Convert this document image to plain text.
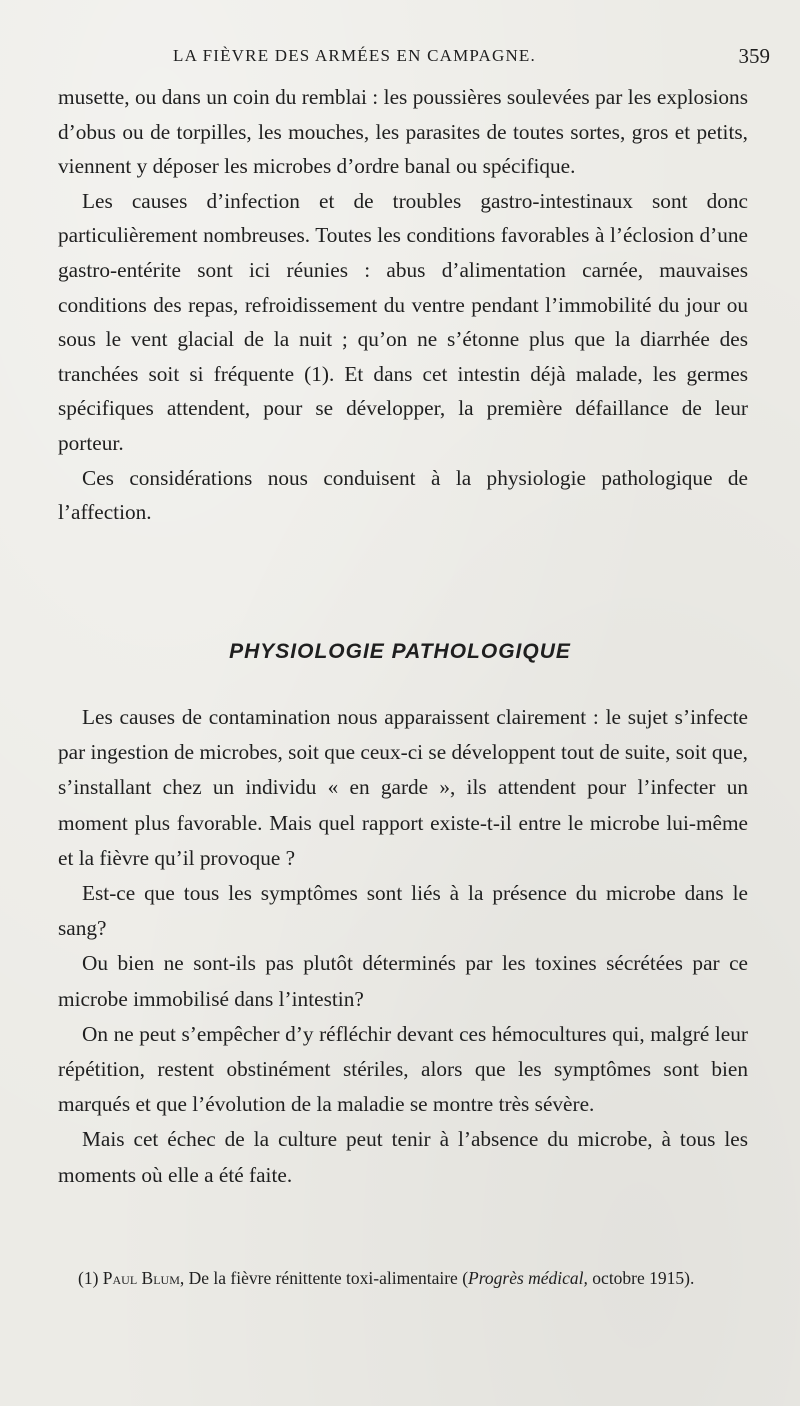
LA FIÈVRE DES ARMÉES EN CAMPAGNE.	359

musette, ou dans un coin du remblai : les poussières soulevées par les explosions d’obus ou de torpilles, les mouches, les parasites de toutes sortes, gros et petits, viennent y déposer les microbes d’ordre banal ou spécifique.

Les causes d’infection et de troubles gastro-intestinaux sont donc particulièrement nombreuses. Toutes les conditions favorables à l’éclosion d’une gastro-entérite sont ici réunies : abus d’alimentation carnée, mauvaises conditions des repas, refroidissement du ventre pendant l’immobilité du jour ou sous le vent glacial de la nuit ; qu’on ne s’étonne plus que la diarrhée des tranchées soit si fréquente (1). Et dans cet intestin déjà malade, les germes spécifiques attendent, pour se développer, la première défaillance de leur porteur.

Ces considérations nous conduisent à la physiologie pathologique de l’affection.

PHYSIOLOGIE PATHOLOGIQUE

Les causes de contamination nous apparaissent clairement : le sujet s’infecte par ingestion de microbes, soit que ceux-ci se développent tout de suite, soit que, s’installant chez un individu « en garde », ils attendent pour l’infecter un moment plus favorable. Mais quel rapport existe-t-il entre le microbe lui-même et la fièvre qu’il provoque ?

Est-ce que tous les symptômes sont liés à la présence du microbe dans le sang?

Ou bien ne sont-ils pas plutôt déterminés par les toxines sécrétées par ce microbe immobilisé dans l’intestin?

On ne peut s’empêcher d’y réfléchir devant ces hémocultures qui, malgré leur répétition, restent obstinément stériles, alors que les symptômes sont bien marqués et que l’évolution de la maladie se montre très sévère.

Mais cet échec de la culture peut tenir à l’absence du microbe, à tous les moments où elle a été faite.

(1) Paul Blum, De la fièvre rénittente toxi-alimentaire (Progrès médical, octobre 1915).
